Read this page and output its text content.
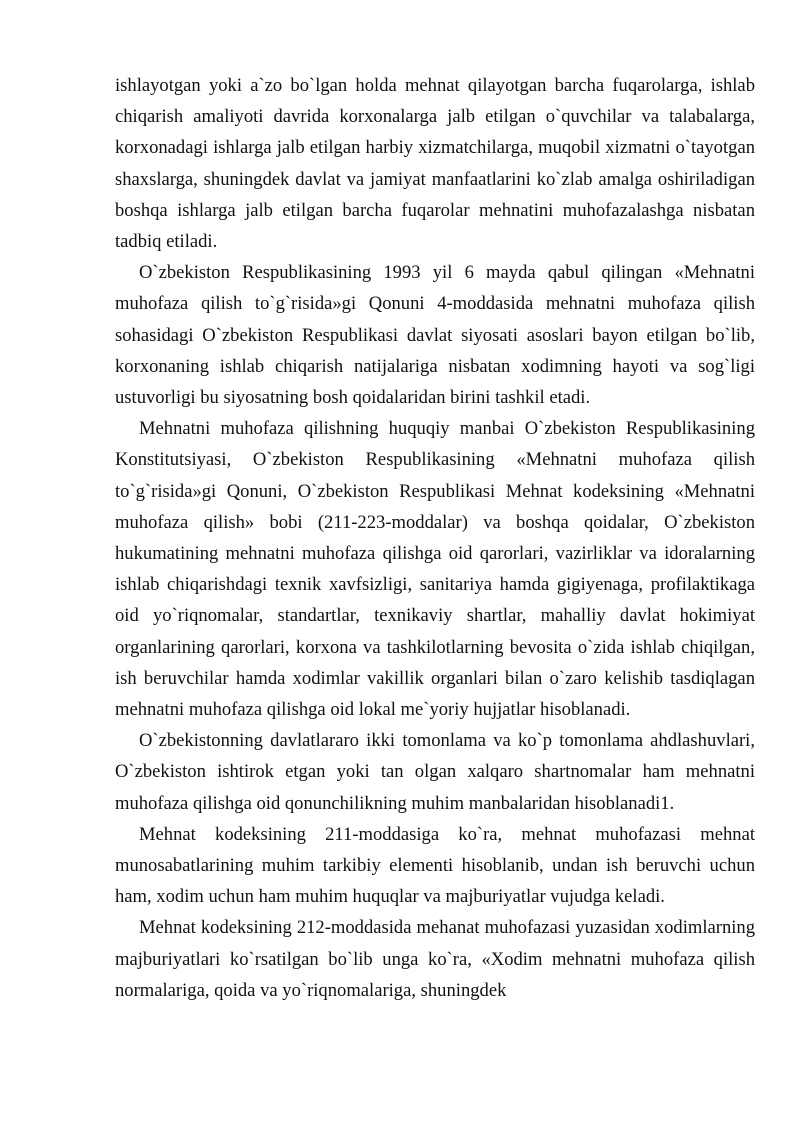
ishlayotgan yoki a`zo bo`lgan holda mehnat qilayotgan barcha fuqarolarga, ishlab chiqarish amaliyoti davrida korxonalarga jalb etilgan o`quvchilar va talabalarga, korxonadagi ishlarga jalb etilgan harbiy xizmatchilarga, muqobil xizmatni o`tayotgan shaxslarga, shuningdek davlat va jamiyat manfaatlarini ko`zlab amalga oshiriladigan boshqa ishlarga jalb etilgan barcha fuqarolar mehnatini muhofazalashga nisbatan tadbiq etiladi.

O`zbekiston Respublikasining 1993 yil 6 mayda qabul qilingan «Mehnatni muhofaza qilish to`g`risida»gi Qonuni 4-moddasida mehnatni muhofaza qilish sohasidagi O`zbekiston Respublikasi davlat siyosati asoslari bayon etilgan bo`lib, korxonaning ishlab chiqarish natijalariga nisbatan xodimning hayoti va sog`ligi ustuvorligi bu siyosatning bosh qoidalaridan birini tashkil etadi.

Mehnatni muhofaza qilishning huquqiy manbai O`zbekiston Respublikasining Konstitutsiyasi, O`zbekiston Respublikasining «Mehnatni muhofaza qilish to`g`risida»gi Qonuni, O`zbekiston Respublikasi Mehnat kodeksining «Mehnatni muhofaza qilish» bobi (211-223-moddalar) va boshqa qoidalar, O`zbekiston hukumatining mehnatni muhofaza qilishga oid qarorlari, vazirliklar va idoralarning ishlab chiqarishdagi texnik xavfsizligi, sanitariya hamda gigiyenaga, profilaktikaga oid yo`riqnomalar, standartlar, texnikaviy shartlar, mahalliy davlat hokimiyat organlarining qarorlari, korxona va tashkilotlarning bevosita o`zida ishlab chiqilgan, ish beruvchilar hamda xodimlar vakillik organlari bilan o`zaro kelishib tasdiqlagan mehnatni muhofaza qilishga oid lokal me`yoriy hujjatlar hisoblanadi.

O`zbekistonning davlatlararo ikki tomonlama va ko`p tomonlama ahdlashuvlari, O`zbekiston ishtirok etgan yoki tan olgan xalqaro shartnomalar ham mehnatni muhofaza qilishga oid qonunchilikning muhim manbalaridan hisoblanadi1.

Mehnat kodeksining 211-moddasiga ko`ra, mehnat muhofazasi mehnat munosabatlarining muhim tarkibiy elementi hisoblanib, undan ish beruvchi uchun ham, xodim uchun ham muhim huquqlar va majburiyatlar vujudga keladi.

Mehnat kodeksining 212-moddasida mehanat muhofazasi yuzasidan xodimlarning majburiyatlari ko`rsatilgan bo`lib unga ko`ra, «Xodim mehnatni muhofaza qilish normalariga, qoida va yo`riqnomalariga, shuningdek
